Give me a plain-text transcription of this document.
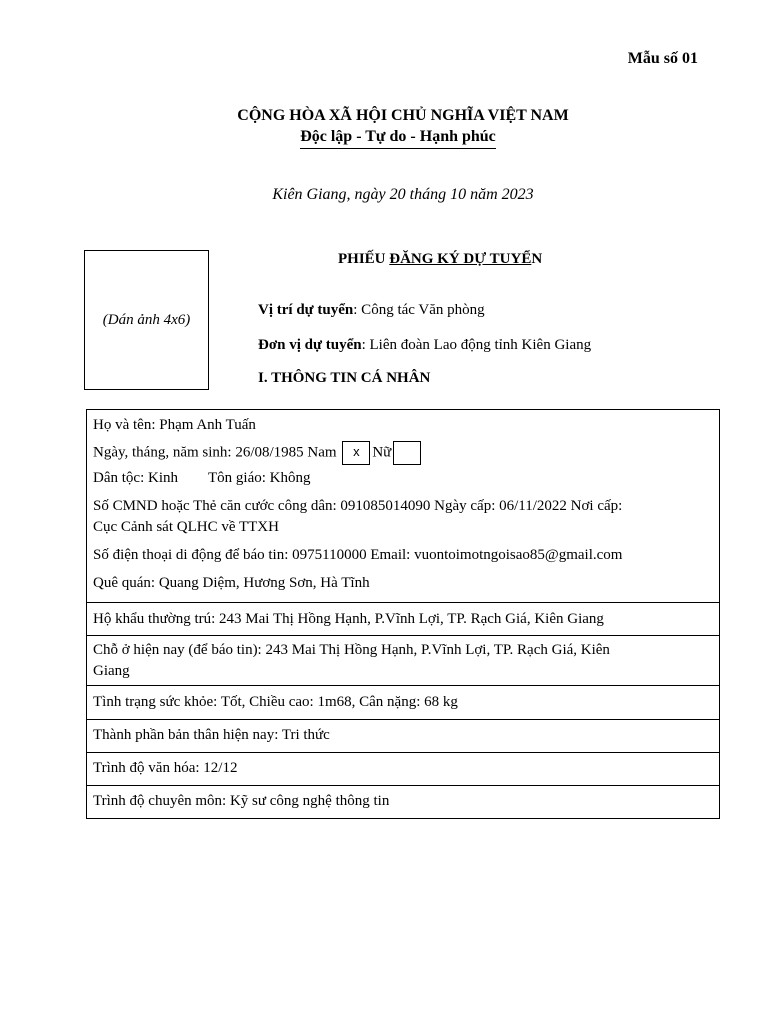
Mẫu số 01
CỘNG HÒA XÃ HỘI CHỦ NGHĨA VIỆT NAM
Độc lập - Tự do - Hạnh phúc
Kiên Giang, ngày 20 tháng 10 năm 2023
(Dán ảnh 4x6)
PHIẾU ĐĂNG KÝ DỰ TUYỂN
Vị trí dự tuyển: Công tác Văn phòng
Đơn vị dự tuyển: Liên đoàn Lao động tỉnh Kiên Giang
I. THÔNG TIN CÁ NHÂN
Họ và tên: Phạm Anh Tuấn
Ngày, tháng, năm sinh: 26/08/1985 Nam x Nữ
Dân tộc: Kinh Tôn giáo: Không
Số CMND hoặc Thẻ căn cước công dân: 091085014090 Ngày cấp: 06/11/2022 Nơi cấp:
Cục Cảnh sát QLHC về TTXH
Số điện thoại di động để báo tin: 0975110000 Email: vuontoimotngoisao85@gmail.com
Quê quán: Quang Diệm, Hương Sơn, Hà Tĩnh

Hộ khẩu thường trú: 243 Mai Thị Hồng Hạnh, P.Vĩnh Lợi, TP. Rạch Giá, Kiên Giang

Chỗ ở hiện nay (để báo tin): 243 Mai Thị Hồng Hạnh, P.Vĩnh Lợi, TP. Rạch Giá, Kiên
Giang

Tình trạng sức khỏe: Tốt, Chiều cao: 1m68, Cân nặng: 68 kg
Thành phần bản thân hiện nay: Tri thức
Trình độ văn hóa: 12/12
Trình độ chuyên môn: Kỹ sư công nghệ thông tin
